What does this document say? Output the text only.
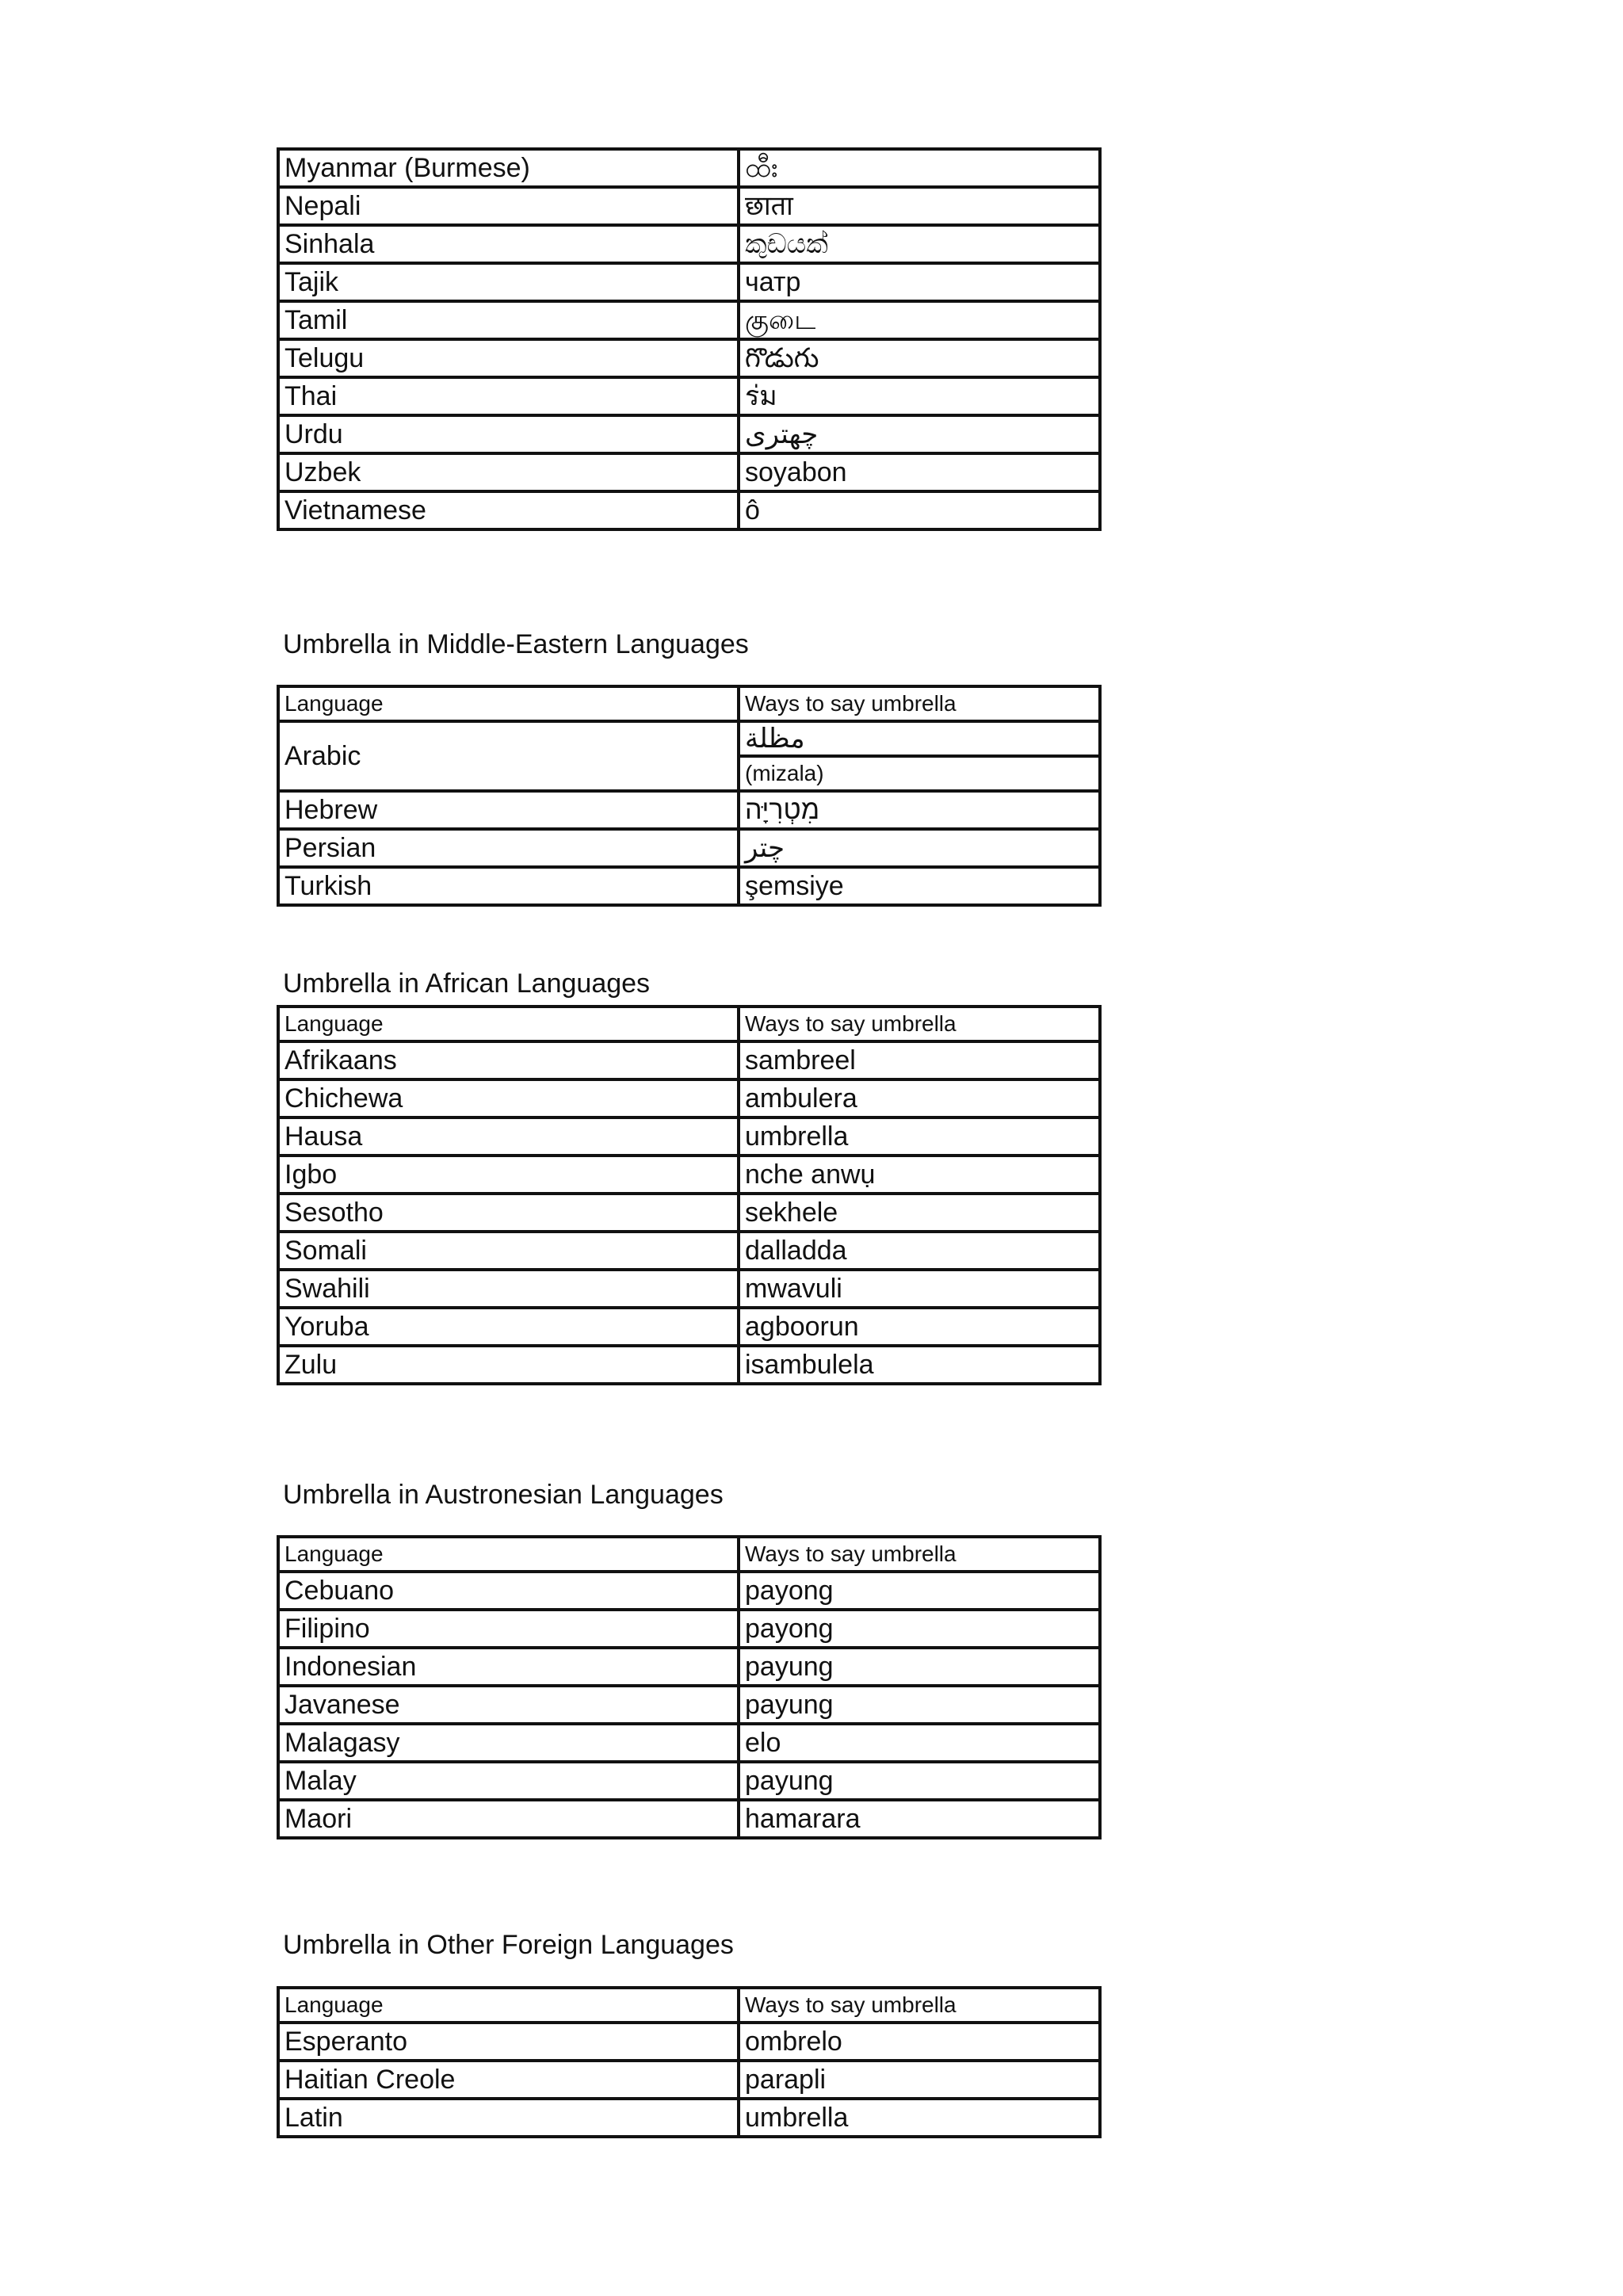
Myanmar (Burmese)	ထီး
Nepali	छाता
Sinhala	කුඩයක්
Tajik	чатр
Tamil	குடை
Telugu	గొడుగు
Thai	ร่ม
Urdu	چھتری
Uzbek	soyabon
Vietnamese	ô
Umbrella in Middle-Eastern Languages
Language	Ways to say umbrella
Arabic	مظلة
	(mizala)
Hebrew	מִטְרִיָּה
Persian	چتر
Turkish	şemsiye
Umbrella in African Languages
Language	Ways to say umbrella
Afrikaans	sambreel
Chichewa	ambulera
Hausa	umbrella
Igbo	nche anwụ
Sesotho	sekhele
Somali	dalladda
Swahili	mwavuli
Yoruba	agboorun
Zulu	isambulela
Umbrella in Austronesian Languages
Language	Ways to say umbrella
Cebuano	payong
Filipino	payong
Indonesian	payung
Javanese	payung
Malagasy	elo
Malay	payung
Maori	hamarara
Umbrella in Other Foreign Languages
Language	Ways to say umbrella
Esperanto	ombrelo
Haitian Creole	parapli
Latin	umbrella
